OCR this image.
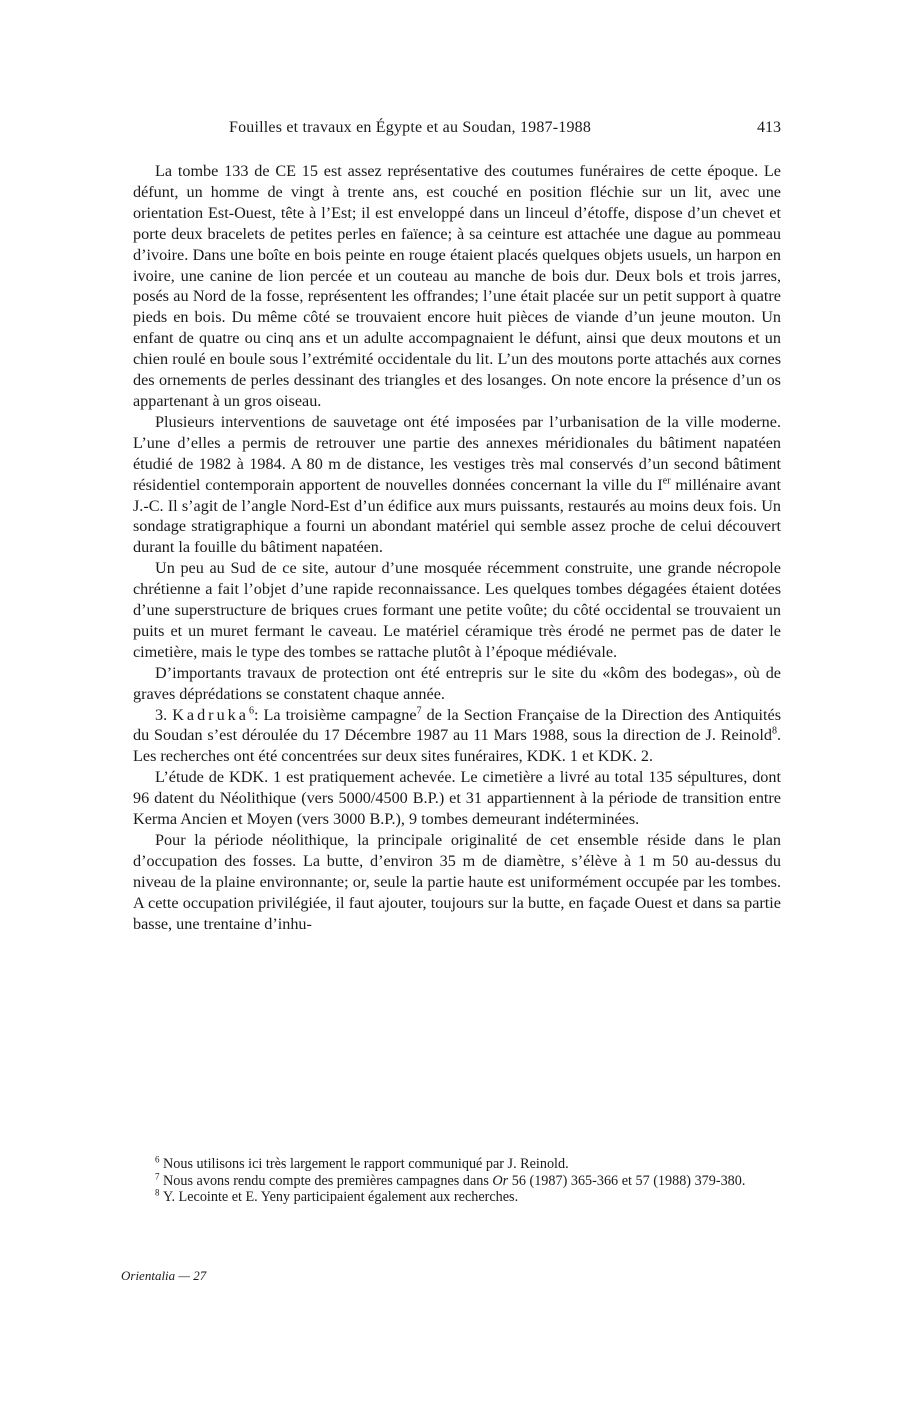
Fouilles et travaux en Égypte et au Soudan, 1987-1988	413

La tombe 133 de CE 15 est assez représentative des coutumes funéraires de cette époque. Le défunt, un homme de vingt à trente ans, est couché en position fléchie sur un lit, avec une orientation Est-Ouest, tête à l’Est; il est enveloppé dans un linceul d’étoffe, dispose d’un chevet et porte deux bracelets de petites perles en faïence; à sa ceinture est attachée une dague au pommeau d’ivoire. Dans une boîte en bois peinte en rouge étaient placés quelques objets usuels, un harpon en ivoire, une canine de lion percée et un couteau au manche de bois dur. Deux bols et trois jarres, posés au Nord de la fosse, représentent les offrandes; l’une était placée sur un petit support à quatre pieds en bois. Du même côté se trouvaient encore huit pièces de viande d’un jeune mouton. Un enfant de quatre ou cinq ans et un adulte accompagnaient le défunt, ainsi que deux moutons et un chien roulé en boule sous l’extrémité occidentale du lit. L’un des moutons porte attachés aux cornes des ornements de perles dessinant des triangles et des losanges. On note encore la présence d’un os appartenant à un gros oiseau.

Plusieurs interventions de sauvetage ont été imposées par l’urbanisation de la ville moderne. L’une d’elles a permis de retrouver une partie des annexes méridionales du bâtiment napatéen étudié de 1982 à 1984. A 80 m de distance, les vestiges très mal conservés d’un second bâtiment résidentiel contemporain apportent de nouvelles données concernant la ville du Ier millénaire avant J.-C. Il s’agit de l’angle Nord-Est d’un édifice aux murs puissants, restaurés au moins deux fois. Un sondage stratigraphique a fourni un abondant matériel qui semble assez proche de celui découvert durant la fouille du bâtiment napatéen.

Un peu au Sud de ce site, autour d’une mosquée récemment construite, une grande nécropole chrétienne a fait l’objet d’une rapide reconnaissance. Les quelques tombes dégagées étaient dotées d’une superstructure de briques crues formant une petite voûte; du côté occidental se trouvaient un puits et un muret fermant le caveau. Le matériel céramique très érodé ne permet pas de dater le cimetière, mais le type des tombes se rattache plutôt à l’époque médiévale.

D’importants travaux de protection ont été entrepris sur le site du «kôm des bodegas», où de graves déprédations se constatent chaque année.

3. Kadruka$^6$: La troisième campagne$^7$ de la Section Française de la Direction des Antiquités du Soudan s’est déroulée du 17 Décembre 1987 au 11 Mars 1988, sous la direction de J. Reinold$^8$. Les recherches ont été concentrées sur deux sites funéraires, KDK. 1 et KDK. 2.

L’étude de KDK. 1 est pratiquement achevée. Le cimetière a livré au total 135 sépultures, dont 96 datent du Néolithique (vers 5000/4500 B.P.) et 31 appartiennent à la période de transition entre Kerma Ancien et Moyen (vers 3000 B.P.), 9 tombes demeurant indéterminées.

Pour la période néolithique, la principale originalité de cet ensemble réside dans le plan d’occupation des fosses. La butte, d’environ 35 m de diamètre, s’élève à 1 m 50 au-dessus du niveau de la plaine environnante; or, seule la partie haute est uniformément occupée par les tombes. A cette occupation privilégiée, il faut ajouter, toujours sur la butte, en façade Ouest et dans sa partie basse, une trentaine d’inhu-

$^6$ Nous utilisons ici très largement le rapport communiqué par J. Reinold.

$^7$ Nous avons rendu compte des premières campagnes dans Or 56 (1987) 365-366 et 57 (1988) 379-380.

$^8$ Y. Lecointe et E. Yeny participaient également aux recherches.

Orientalia — 27
